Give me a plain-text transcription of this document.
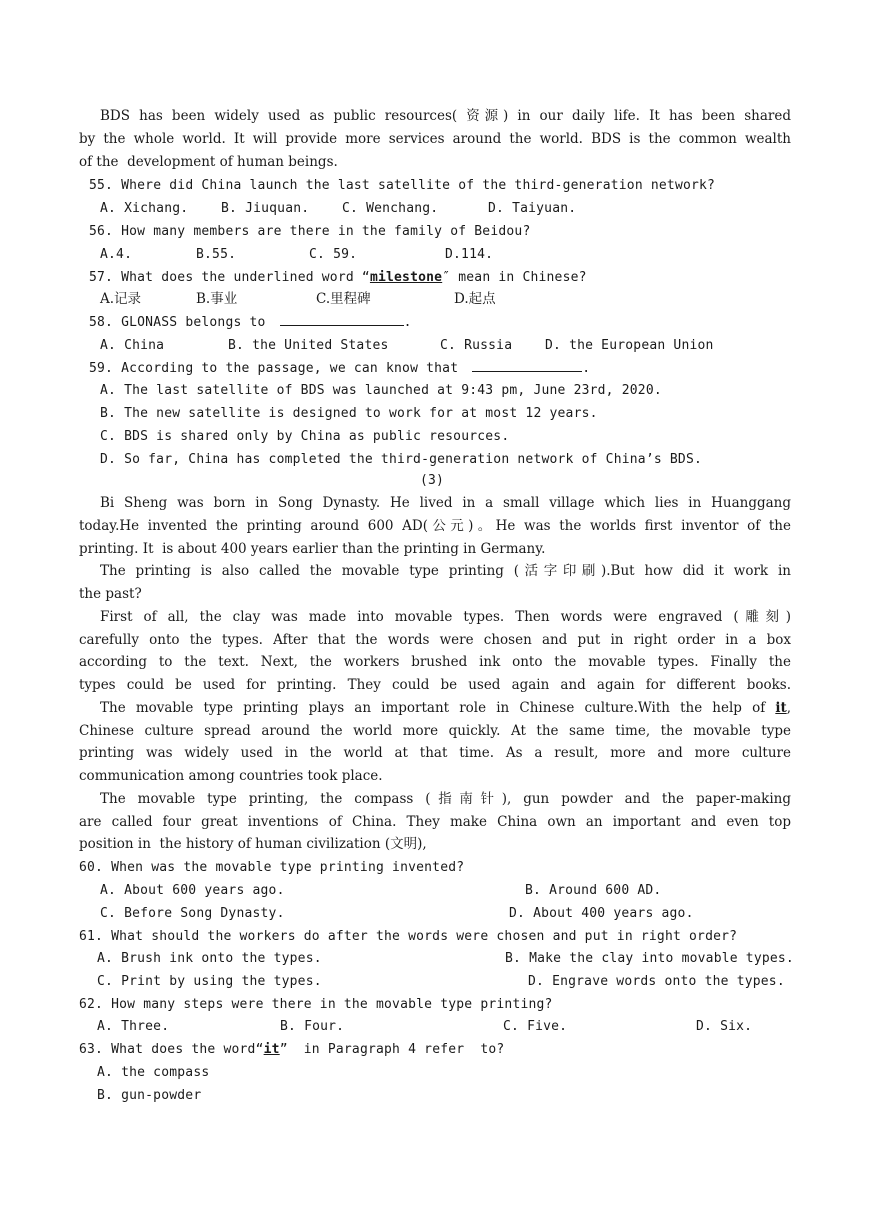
BDS has been widely used as public resources( 资源) in our daily life. It has been shared
by the whole world. It will provide more services around the world. BDS is the common wealth
of the  development of human beings.
55. Where did China launch the last satellite of the third-generation network?

A. Xichang.

	B. Jiuquan.

	C. Wenchang.

	D. Taiyuan.

56. How many members are there in the family of Beidou?

A.4.

	B.55.

	C. 59.

	D.114.

57. What does the underlined word “milestone″ mean in Chinese?

A.记录

	B.事业

	C.里程碑

	D.起点

58. GLONASS belongs to	.

A. China

	B. the United States

	C. Russia

	D. the European Union

59. According to the passage, we can know that	.
A. The last satellite of BDS was launched at 9:43 pm, June 23rd, 2020.
B. The new satellite is designed to work for at most 12 years.
C. BDS is shared only by China as public resources.
D. So far, China has completed the third-generation network of China’s BDS.
(3)
Bi Sheng was born in Song Dynasty. He lived in a small village which lies in Huanggang
today.He invented the printing around 600 AD(公元)。He was the worlds first inventor of the
printing. It  is about 400 years earlier than the printing in Germany.
The printing is also called the movable type printing (活字印刷).But how did it work in
the past?
First of all, the clay was made into movable types. Then words were engraved (雕刻)
carefully onto the types. After that the words were chosen and put in right order in a box
according to the text. Next, the workers brushed ink onto the movable types. Finally the
types could be used for printing. They could be used again and again for different books.
The movable type printing plays an important role in Chinese culture.With the help of it,
Chinese culture spread around the world more quickly. At the same time, the movable type
printing was widely used in the world at that time. As a result, more and more culture
communication among countries took place.
The movable type printing, the compass (指南针), gun powder and the paper-making
are called four great inventions of China. They make China own an important and even top
position in  the history of human civilization (文明),
60. When was the movable type printing invented?

A. About 600 years ago.

	B. Around 600 AD.

C. Before Song Dynasty.

	D. About 400 years ago.

61. What should the workers do after the words were chosen and put in right order?

A. Brush ink onto the types.

	B. Make the clay into movable types.

C. Print by using the types.

	D. Engrave words onto the types.

62. How many steps were there in the movable type printing?

A. Three.

	B. Four.

	C. Five.

	D. Six.

63. What does the word“it”  in Paragraph 4 refer  to?
A. the compass
B. gun-powder
